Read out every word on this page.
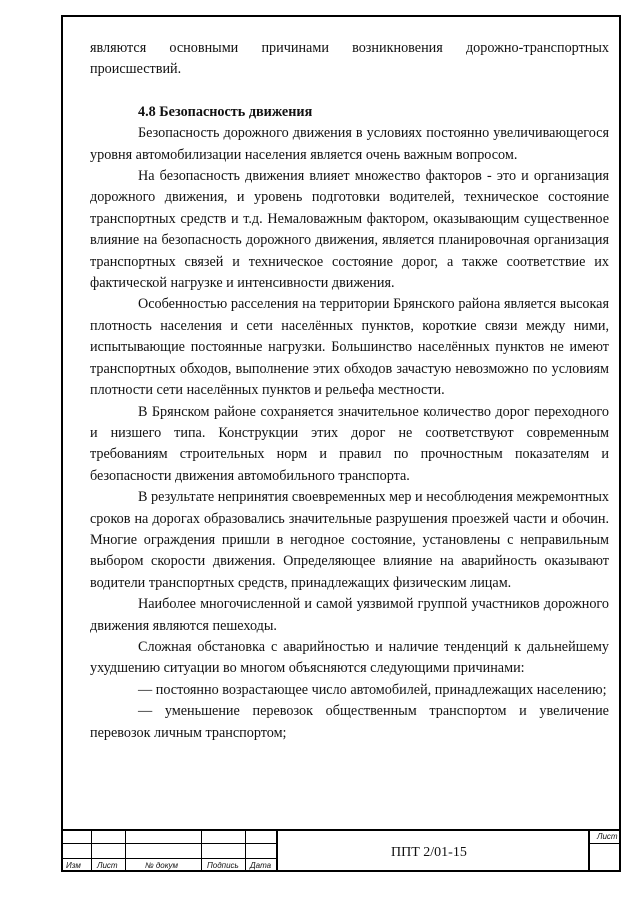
являются основными причинами возникновения дорожно-транспортных происшествий.

4.8 Безопасность движения

Безопасность дорожного движения в условиях постоянно увеличивающегося уровня автомобилизации населения является очень важным вопросом.

На безопасность движения влияет множество факторов - это и организация дорожного движения, и уровень подготовки водителей, техническое состояние транспортных средств и т.д. Немаловажным фактором, оказывающим существенное влияние на безопасность дорожного движения, является планировочная организация транспортных связей и техническое состояние дорог, а также соответствие их фактической нагрузке и интенсивности движения.

Особенностью расселения на территории Брянского района является высокая плотность населения и сети населённых пунктов, короткие связи между ними, испытывающие постоянные нагрузки. Большинство населённых пунктов не имеют транспортных обходов, выполнение этих обходов зачастую невозможно по условиям плотности сети населённых пунктов и рельефа местности.

В Брянском районе сохраняется значительное количество дорог переходного и низшего типа. Конструкции этих дорог не соответствуют современным требованиям строительных норм и правил по прочностным показателям и безопасности движения автомобильного транспорта.

В результате непринятия своевременных мер и несоблюдения межремонтных сроков на дорогах образовались значительные разрушения проезжей части и обочин. Многие ограждения пришли в негодное состояние, установлены с неправильным выбором скорости движения. Определяющее влияние на аварийность оказывают водители транспортных средств, принадлежащих физическим лицам.

Наиболее многочисленной и самой уязвимой группой участников дорожного движения являются пешеходы.

Сложная обстановка с аварийностью и наличие тенденций к дальнейшему ухудшению ситуации во многом объясняются следующими причинами:

— постоянно возрастающее число автомобилей, принадлежащих населению;

— уменьшение перевозок общественным транспортом и увеличение перевозок личным транспортом;

Изм Лист	№ докум	Подпись Дата
Лист
ППТ 2/01-15
